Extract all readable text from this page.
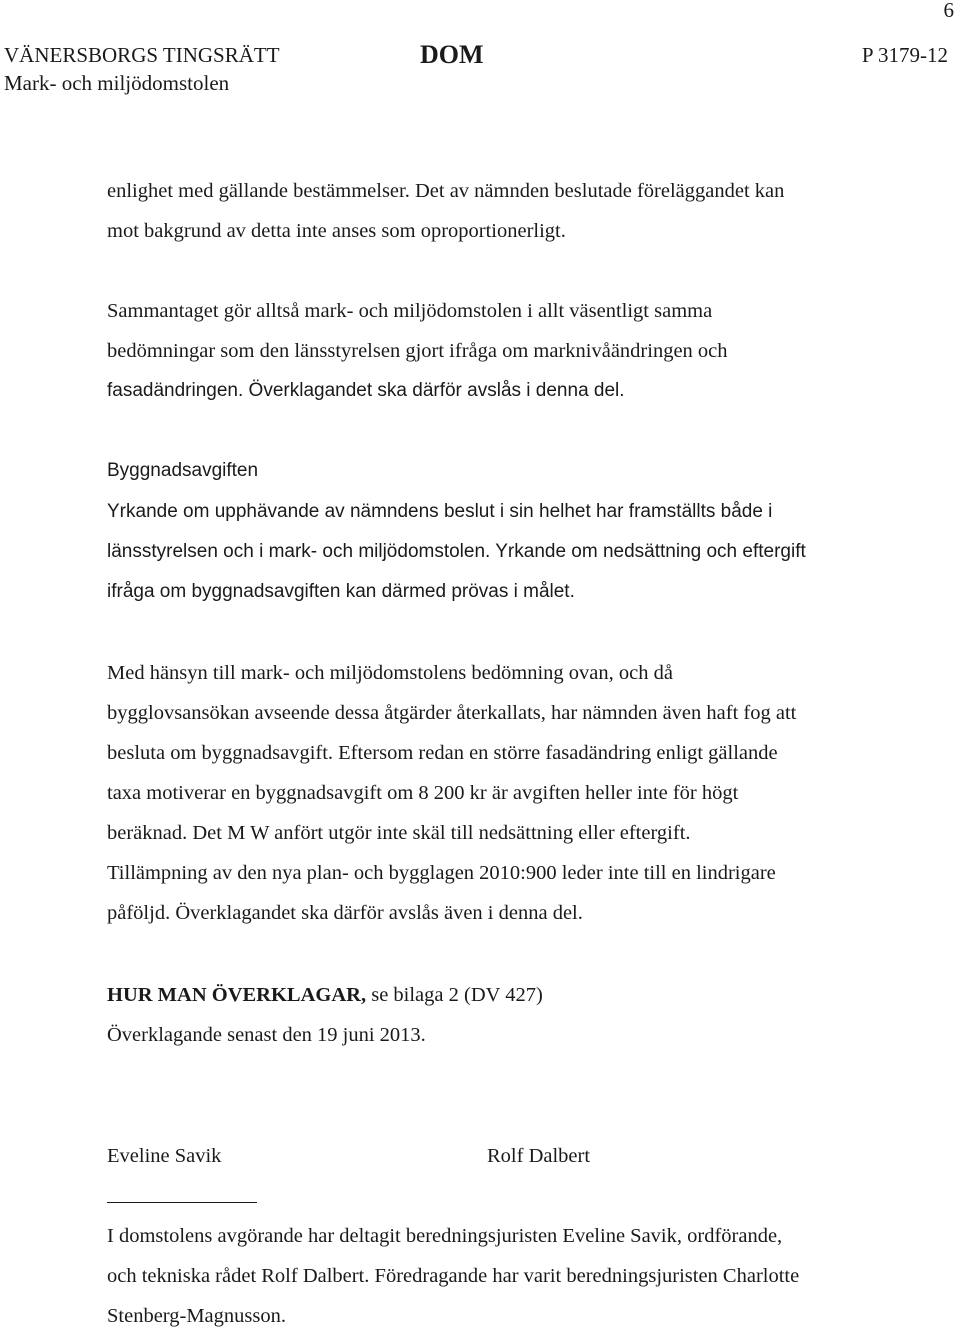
6
VÄNERSBORGS TINGSRÄTT
Mark- och miljödomstolen
DOM	P 3179-12
enlighet med gällande bestämmelser. Det av nämnden beslutade föreläggandet kan
mot bakgrund av detta inte anses som oproportionerligt.
Sammantaget gör alltså mark- och miljödomstolen i allt väsentligt samma
bedömningar som den länsstyrelsen gjort ifråga om marknivåändringen och
fasadändringen. Överklagandet ska därför avslås i denna del.
Byggnadsavgiften
Yrkande om upphävande av nämndens beslut i sin helhet har framställts både i
länsstyrelsen och i mark- och miljödomstolen. Yrkande om nedsättning och eftergift
ifråga om byggnadsavgiften kan därmed prövas i målet.
Med hänsyn till mark- och miljödomstolens bedömning ovan, och då
bygglovsansökan avseende dessa åtgärder återkallats, har nämnden även haft fog att
besluta om byggnadsavgift. Eftersom redan en större fasadändring enligt gällande
taxa motiverar en byggnadsavgift om 8 200 kr är avgiften heller inte för högt
beräknad. Det M W anfört utgör inte skäl till nedsättning eller eftergift.
Tillämpning av den nya plan- och bygglagen 2010:900 leder inte till en lindrigare
påföljd. Överklagandet ska därför avslås även i denna del.
HUR MAN ÖVERKLAGAR, se bilaga 2 (DV 427)
Överklagande senast den 19 juni 2013.
Eveline Savik	Rolf Dalbert
I domstolens avgörande har deltagit beredningsjuristen Eveline Savik, ordförande,
och tekniska rådet Rolf Dalbert. Föredragande har varit beredningsjuristen Charlotte
Stenberg-Magnusson.
